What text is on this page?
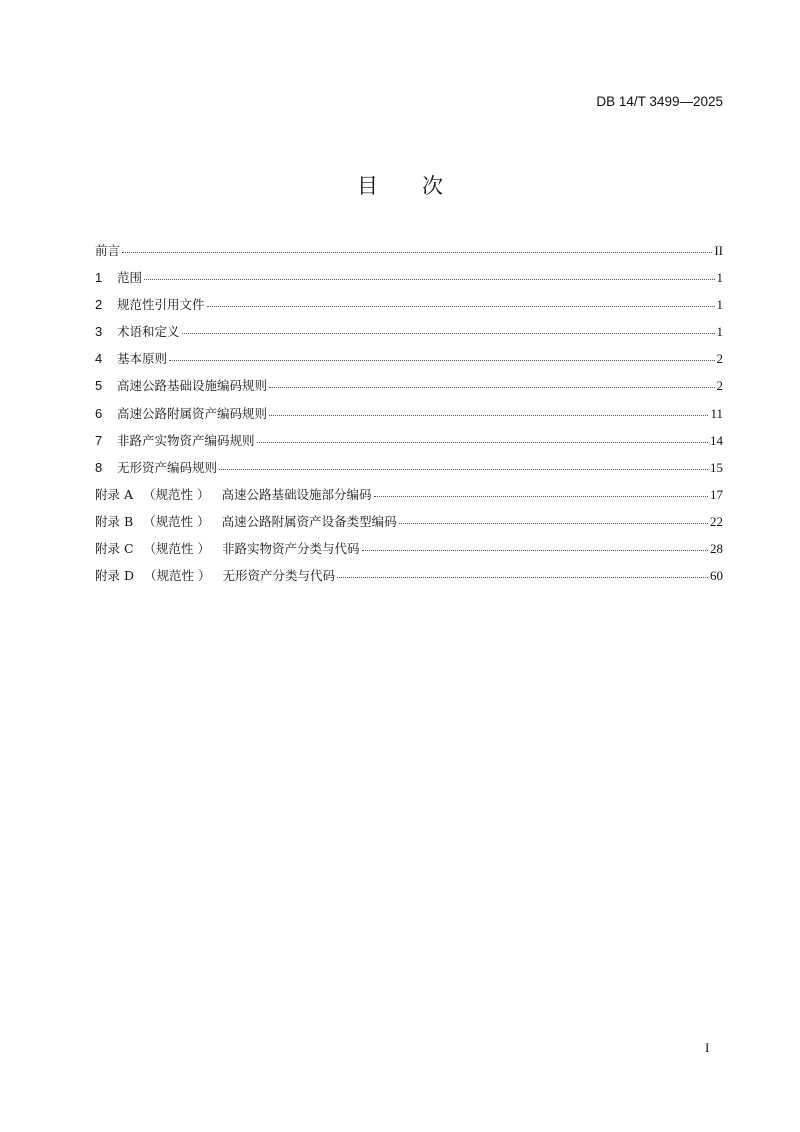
DB 14/T 3499—2025
目 次
前言	II
1	范围	1
2	规范性引用文件	1
3	术语和定义	1
4	基本原则	2
5	高速公路基础设施编码规则	2
6	高速公路附属资产编码规则	11
7	非路产实物资产编码规则	14
8	无形资产编码规则	15
附录 A （规范性 ） 高速公路基础设施部分编码	17
附录 B （规范性 ） 高速公路附属资产设备类型编码	22
附录 C （规范性 ） 非路实物资产分类与代码	28
附录 D （规范性 ） 无形资产分类与代码	60
I
